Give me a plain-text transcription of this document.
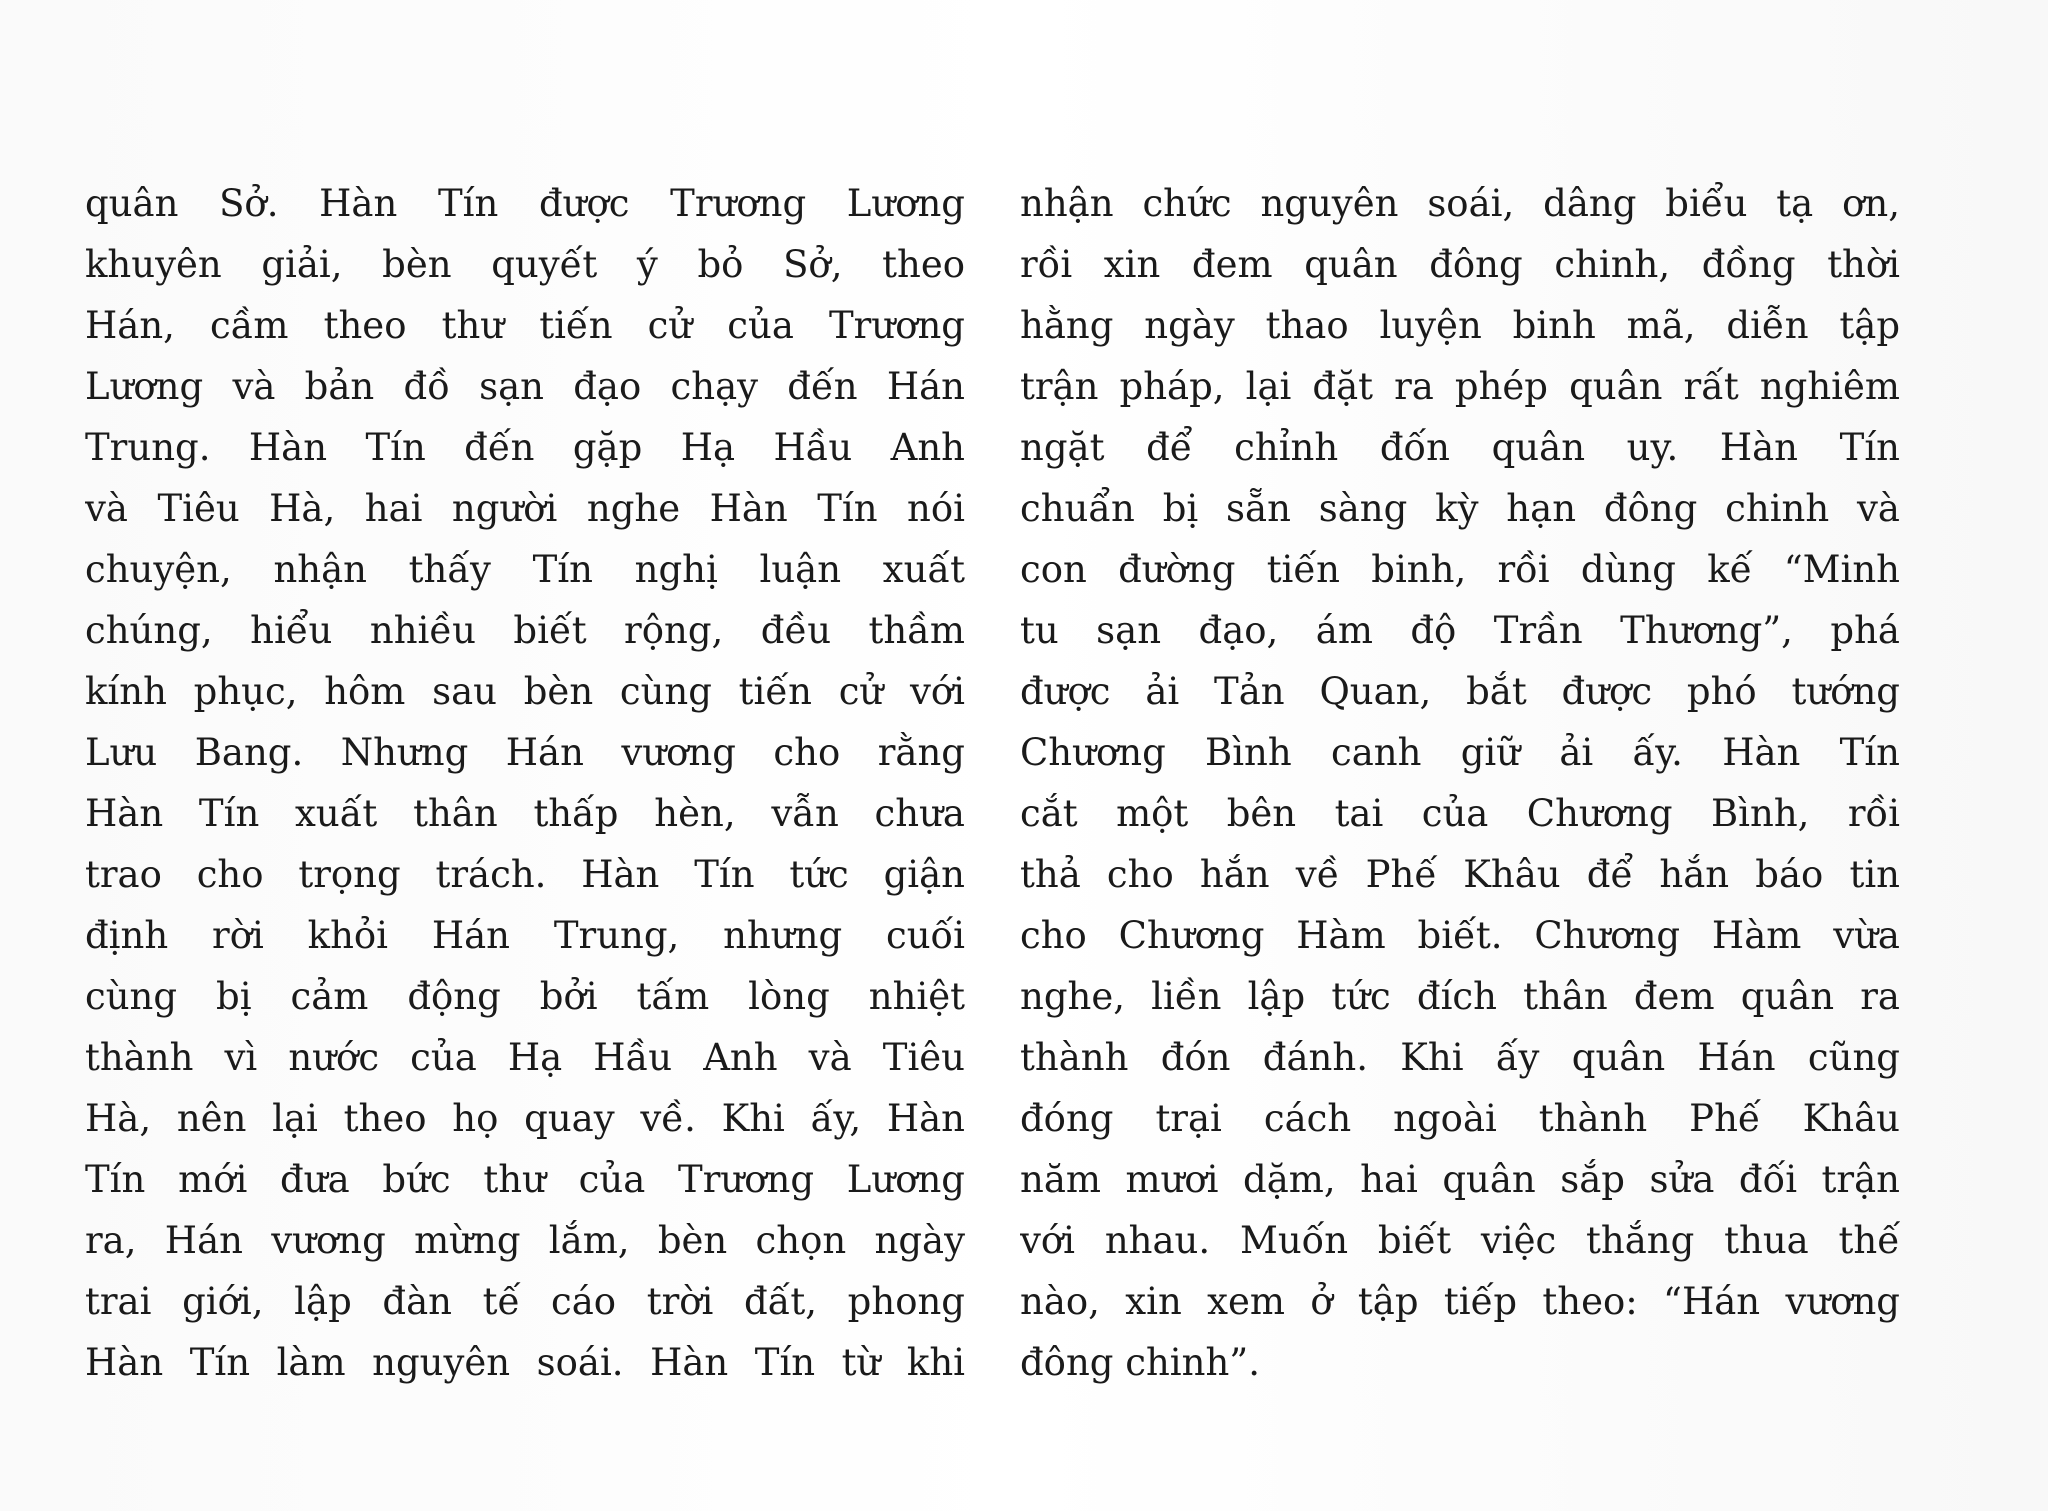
quân Sở. Hàn Tín được Trương Lương
khuyên giải, bèn quyết ý bỏ Sở, theo
Hán, cầm theo thư tiến cử của Trương
Lương và bản đồ sạn đạo chạy đến Hán
Trung. Hàn Tín đến gặp Hạ Hầu Anh
và Tiêu Hà, hai người nghe Hàn Tín nói
chuyện, nhận thấy Tín nghị luận xuất
chúng, hiểu nhiều biết rộng, đều thầm
kính phục, hôm sau bèn cùng tiến cử với
Lưu Bang. Nhưng Hán vương cho rằng
Hàn Tín xuất thân thấp hèn, vẫn chưa
trao cho trọng trách. Hàn Tín tức giận
định rời khỏi Hán Trung, nhưng cuối
cùng bị cảm động bởi tấm lòng nhiệt
thành vì nước của Hạ Hầu Anh và Tiêu
Hà, nên lại theo họ quay về. Khi ấy, Hàn
Tín mới đưa bức thư của Trương Lương
ra, Hán vương mừng lắm, bèn chọn ngày
trai giới, lập đàn tế cáo trời đất, phong
Hàn Tín làm nguyên soái. Hàn Tín từ khi
nhận chức nguyên soái, dâng biểu tạ ơn,
rồi xin đem quân đông chinh, đồng thời
hằng ngày thao luyện binh mã, diễn tập
trận pháp, lại đặt ra phép quân rất nghiêm
ngặt để chỉnh đốn quân uy. Hàn Tín
chuẩn bị sẵn sàng kỳ hạn đông chinh và
con đường tiến binh, rồi dùng kế “Minh
tu sạn đạo, ám độ Trần Thương”, phá
được ải Tản Quan, bắt được phó tướng
Chương Bình canh giữ ải ấy. Hàn Tín
cắt một bên tai của Chương Bình, rồi
thả cho hắn về Phế Khâu để hắn báo tin
cho Chương Hàm biết. Chương Hàm vừa
nghe, liền lập tức đích thân đem quân ra
thành đón đánh. Khi ấy quân Hán cũng
đóng trại cách ngoài thành Phế Khâu
năm mươi dặm, hai quân sắp sửa đối trận
với nhau. Muốn biết việc thắng thua thế
nào, xin xem ở tập tiếp theo: “Hán vương
đông chinh”.
